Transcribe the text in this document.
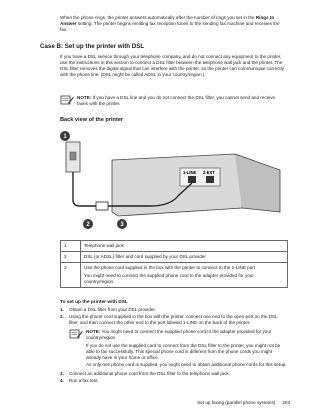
When the phone rings, the printer answers automatically after the number of rings you set in the Rings to Answer setting. The printer begins emitting fax reception tones to the sending fax machine and receives the fax.
Case B: Set up the printer with DSL
If you have a DSL service through your telephone company, and do not connect any equipment to the printer, use the instructions in this section to connect a DSL filter between the telephone wall jack and the printer. The DSL filter removes the digital signal that can interfere with the printer, so the printer can communicate correctly with the phone line. (DSL might be called ADSL in your country/region.)
NOTE: If you have a DSL line and you do not connect the DSL filter, you cannot send and receive faxes with the printer.
Back view of the printer
1-LINE 2-EXT
1
2	3
1	Telephone wall jack
2	DSL (or ADSL) filter and cord supplied by your DSL provider
3	Use the phone cord supplied in the box with the printer to connect to the 1-LINE port
You might need to connect the supplied phone cord to the adapter provided for your country/region.
To set up the printer with DSL
1.	Obtain a DSL filter from your DSL provider.
2.	Using the phone cord supplied in the box with the printer, connect one end to the open port on the DSL filter, and then connect the other end to the port labeled 1-LINE on the back of the printer.
NOTE: You might need to connect the supplied phone cord to the adapter provided for your country/region.
If you do not use the supplied cord to connect from the DSL filter to the printer, you might not be able to fax successfully. This special phone cord is different from the phone cords you might already have in your home or office.
As only one phone cord is supplied, you might need to obtain additional phone cords for this setup.
3.	Connect an additional phone cord from the DSL filter to the telephone wall jack.
4.	Run a fax test.
Set up faxing (parallel phone systems) 203
